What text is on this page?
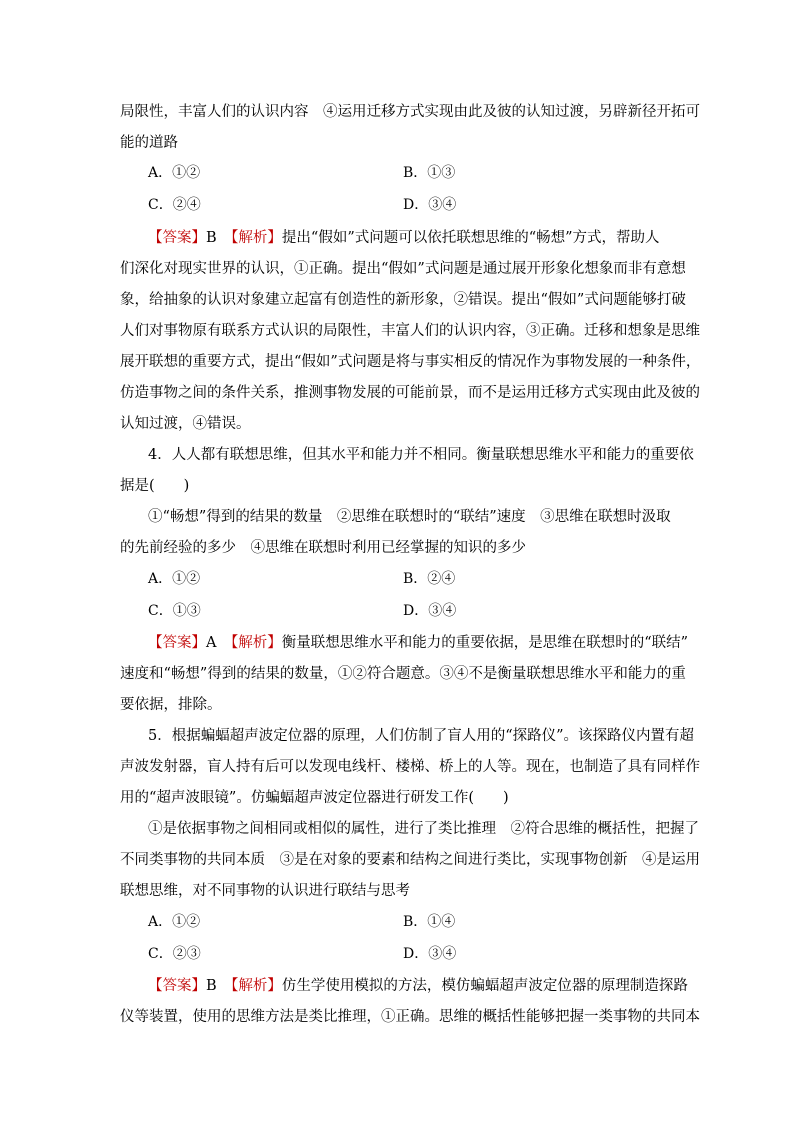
局限性，丰富人们的认识内容　④运用迁移方式实现由此及彼的认知过渡，另辟新径开拓可
能的道路
A．①②	B．①③
C．②④	D．③④
【答案】B　 【解析】提出“假如”式问题可以依托联想思维的“畅想”方式，帮助人
们深化对现实世界的认识，①正确。提出“假如”式问题是通过展开形象化想象而非有意想
象，给抽象的认识对象建立起富有创造性的新形象，②错误。提出“假如”式问题能够打破
人们对事物原有联系方式认识的局限性，丰富人们的认识内容，③正确。迁移和想象是思维
展开联想的重要方式，提出“假如”式问题是将与事实相反的情况作为事物发展的一种条件，
仿造事物之间的条件关系，推测事物发展的可能前景，而不是运用迁移方式实现由此及彼的
认知过渡，④错误。
4．人人都有联想思维，但其水平和能力并不相同。衡量联想思维水平和能力的重要依
据是(　　)
①“畅想”得到的结果的数量　②思维在联想时的“联结”速度　③思维在联想时汲取
的先前经验的多少　④思维在联想时利用已经掌握的知识的多少
A．①②	B．②④
C．①③	D．③④
【答案】A　 【解析】衡量联想思维水平和能力的重要依据，是思维在联想时的“联结”
速度和“畅想”得到的结果的数量，①②符合题意。③④不是衡量联想思维水平和能力的重
要依据，排除。
5．根据蝙蝠超声波定位器的原理，人们仿制了盲人用的“探路仪”。该探路仪内置有超
声波发射器，盲人持有后可以发现电线杆、楼梯、桥上的人等。现在，也制造了具有同样作
用的“超声波眼镜”。仿蝙蝠超声波定位器进行研发工作(　　)
①是依据事物之间相同或相似的属性，进行了类比推理　②符合思维的概括性，把握了
不同类事物的共同本质　③是在对象的要素和结构之间进行类比，实现事物创新　④是运用
联想思维，对不同事物的认识进行联结与思考
A．①②	B．①④
C．②③	D．③④
【答案】B　 【解析】仿生学使用模拟的方法，模仿蝙蝠超声波定位器的原理制造探路
仪等装置，使用的思维方法是类比推理，①正确。思维的概括性能够把握一类事物的共同本
